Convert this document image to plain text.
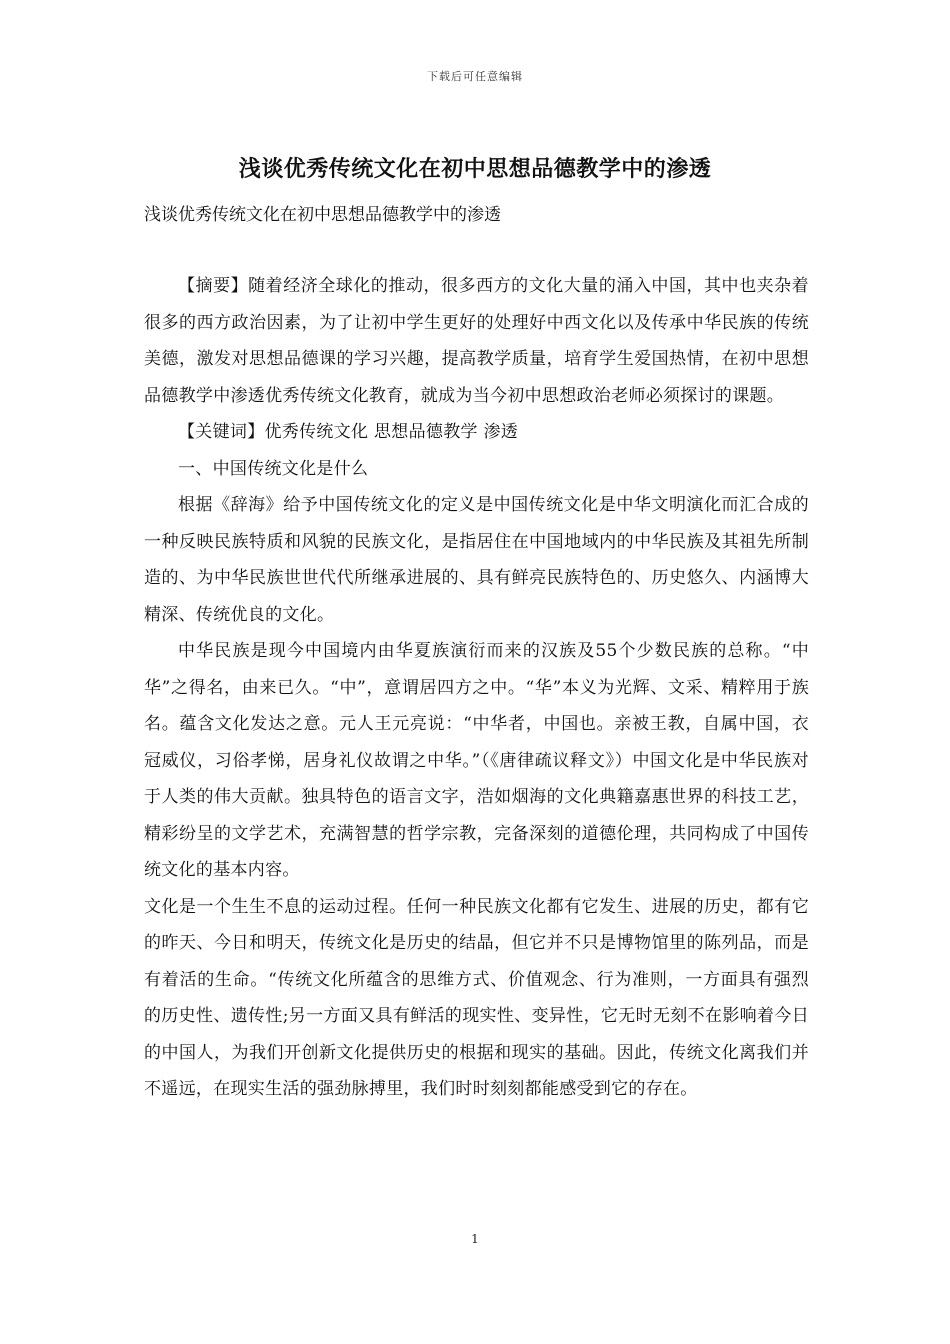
下载后可任意编辑
浅谈优秀传统文化在初中思想品德教学中的渗透

浅谈优秀传统文化在初中思想品德教学中的渗透

【摘要】随着经济全球化的推动，很多西方的文化大量的涌入中国，其中也夹杂着很多的西方政治因素，为了让初中学生更好的处理好中西文化以及传承中华民族的传统美德，激发对思想品德课的学习兴趣，提高教学质量，培育学生爱国热情，在初中思想品德教学中渗透优秀传统文化教育，就成为当今初中思想政治老师必须探讨的课题。

【关键词】优秀传统文化 思想品德教学 渗透

一、中国传统文化是什么

根据《辞海》给予中国传统文化的定义是中国传统文化是中华文明演化而汇合成的一种反映民族特质和风貌的民族文化，是指居住在中国地域内的中华民族及其祖先所制造的、为中华民族世世代代所继承进展的、具有鲜亮民族特色的、历史悠久、内涵博大精深、传统优良的文化。

中华民族是现今中国境内由华夏族演衍而来的汉族及55个少数民族的总称。“中华”之得名，由来已久。“中”，意谓居四方之中。“华”本义为光辉、文采、精粹用于族名。蕴含文化发达之意。元人王元亮说：“中华者，中国也。亲被王教，自属中国，衣冠威仪，习俗孝悌，居身礼仪故谓之中华。”（《唐律疏议释文》）中国文化是中华民族对于人类的伟大贡献。独具特色的语言文字，浩如烟海的文化典籍嘉惠世界的科技工艺，精彩纷呈的文学艺术，充满智慧的哲学宗教，完备深刻的道德伦理，共同构成了中国传统文化的基本内容。

文化是一个生生不息的运动过程。任何一种民族文化都有它发生、进展的历史，都有它的昨天、今日和明天，传统文化是历史的结晶，但它并不只是博物馆里的陈列品，而是有着活的生命。“传统文化所蕴含的思维方式、价值观念、行为准则，一方面具有强烈的历史性、遗传性;另一方面又具有鲜活的现实性、变异性，它无时无刻不在影响着今日的中国人，为我们开创新文化提供历史的根据和现实的基础。因此，传统文化离我们并不遥远，在现实生活的强劲脉搏里，我们时时刻刻都能感受到它的存在。

1
